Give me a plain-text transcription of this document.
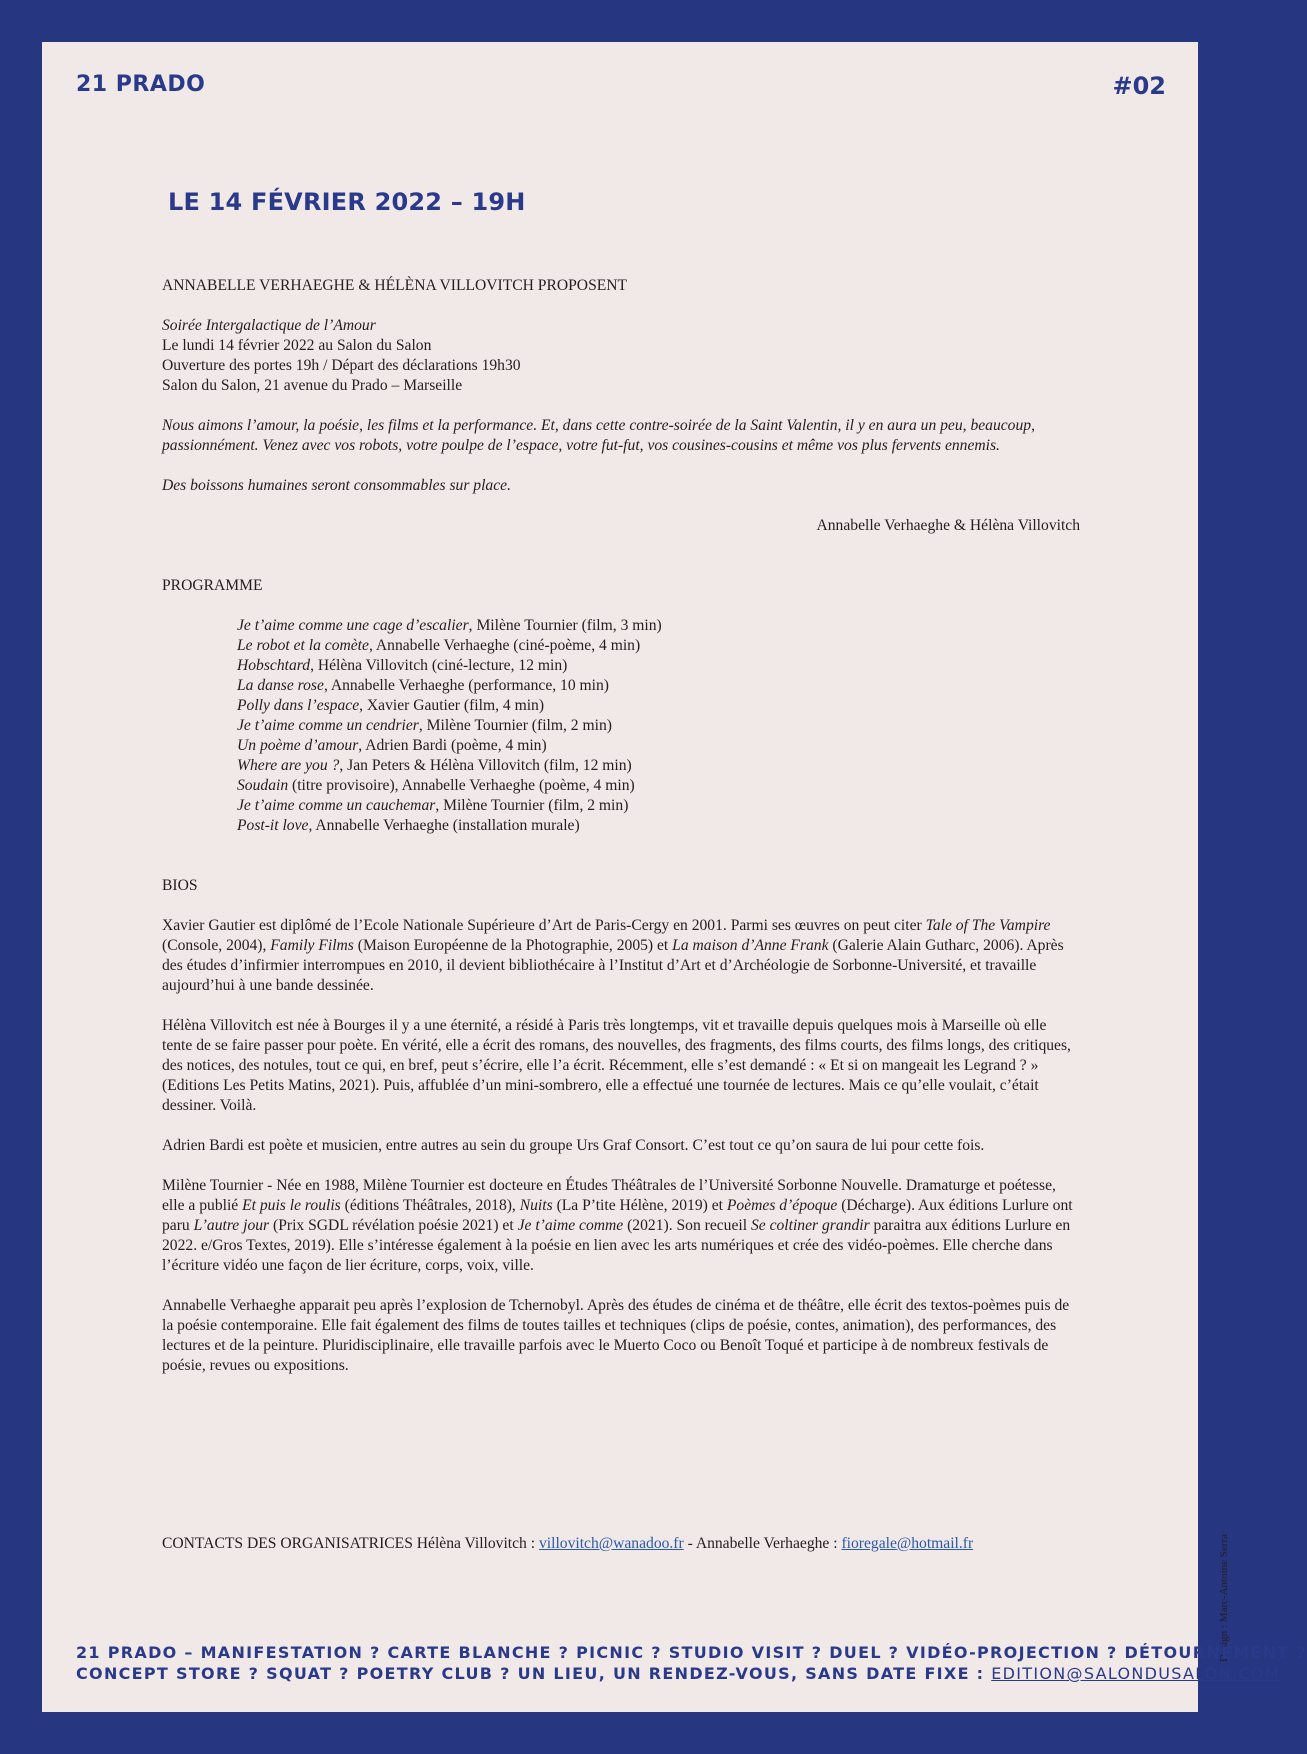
21 PRADO	#02
LE 14 FÉVRIER 2022 – 19H

ANNABELLE VERHAEGHE & HÉLÈNA VILLOVITCH PROPOSENT

Soirée Intergalactique de l’Amour

Le lundi 14 février 2022 au Salon du Salon

Ouverture des portes 19h / Départ des déclarations 19h30

Salon du Salon, 21 avenue du Prado – Marseille

Nous aimons l’amour, la poésie, les films et la performance. Et, dans cette contre-soirée de la Saint Valentin, il y en aura un peu, beaucoup, passionnément. Venez avec vos robots, votre poulpe de l’espace, votre fut-fut, vos cousines-cousins et même vos plus fervents ennemis.

Des boissons humaines seront consommables sur place.

Annabelle Verhaeghe & Hélèna Villovitch

PROGRAMME

Je t’aime comme une cage d’escalier, Milène Tournier (film, 3 min)

Le robot et la comète, Annabelle Verhaeghe (ciné-poème, 4 min)

Hobschtard, Hélèna Villovitch (ciné-lecture, 12 min)

La danse rose, Annabelle Verhaeghe (performance, 10 min)

Polly dans l’espace, Xavier Gautier (film, 4 min)

Je t’aime comme un cendrier, Milène Tournier (film, 2 min)

Un poème d’amour, Adrien Bardi (poème, 4 min)

Where are you ?, Jan Peters & Hélèna Villovitch (film, 12 min)

Soudain (titre provisoire), Annabelle Verhaeghe (poème, 4 min)

Je t’aime comme un cauchemar, Milène Tournier (film, 2 min)

Post-it love, Annabelle Verhaeghe (installation murale)

BIOS

Xavier Gautier est diplômé de l’Ecole Nationale Supérieure d’Art de Paris-Cergy en 2001. Parmi ses œuvres on peut citer Tale of The Vampire (Console, 2004), Family Films (Maison Européenne de la Photographie, 2005) et La maison d’Anne Frank (Galerie Alain Gutharc, 2006). Après des études d’infirmier interrompues en 2010, il devient bibliothécaire à l’Institut d’Art et d’Archéologie de Sorbonne-Université, et travaille aujourd’hui à une bande dessinée.

Hélèna Villovitch est née à Bourges il y a une éternité, a résidé à Paris très longtemps, vit et travaille depuis quelques mois à Marseille où elle tente de se faire passer pour poète. En vérité, elle a écrit des romans, des nouvelles, des fragments, des films courts, des films longs, des critiques, des notices, des notules, tout ce qui, en bref, peut s’écrire, elle l’a écrit. Récemment, elle s’est demandé : « Et si on mangeait les Legrand ? » (Editions Les Petits Matins, 2021). Puis, affublée d’un mini-sombrero, elle a effectué une tournée de lectures. Mais ce qu’elle voulait, c’était dessiner. Voilà.

Adrien Bardi est poète et musicien, entre autres au sein du groupe Urs Graf Consort. C’est tout ce qu’on saura de lui pour cette fois.

Milène Tournier - Née en 1988, Milène Tournier est docteure en Études Théâtrales de l’Université Sorbonne Nouvelle. Dramaturge et poétesse, elle a publié Et puis le roulis (éditions Théâtrales, 2018), Nuits (La P’tite Hélène, 2019) et Poèmes d’époque (Décharge). Aux éditions Lurlure ont paru L’autre jour (Prix SGDL révélation poésie 2021) et Je t’aime comme (2021). Son recueil Se coltiner grandir paraitra aux éditions Lurlure en 2022. e/Gros Textes, 2019). Elle s’intéresse également à la poésie en lien avec les arts numériques et crée des vidéo-poèmes. Elle cherche dans l’écriture vidéo une façon de lier écriture, corps, voix, ville.

Annabelle Verhaeghe apparait peu après l’explosion de Tchernobyl. Après des études de cinéma et de théâtre, elle écrit des textos-poèmes puis de la poésie contemporaine. Elle fait également des films de toutes tailles et techniques (clips de poésie, contes, animation), des performances, des lectures et de la peinture. Pluridisciplinaire, elle travaille parfois avec le Muerto Coco ou Benoît Toqué et participe à de nombreux festivals de poésie, revues ou expositions.

CONTACTS DES ORGANISATRICES Hélèna Villovitch : villovitch@wanadoo.fr - Annabelle Verhaeghe : fioregale@hotmail.fr	Design : Marc-Antoine Serra
21 PRADO – MANIFESTATION ? CARTE BLANCHE ? PICNIC ? STUDIO VISIT ? DUEL ? VIDÉO-PROJECTION ? DÉTOURNEMENT ?
CONCEPT STORE ? SQUAT ? POETRY CLUB ? UN LIEU, UN RENDEZ-VOUS, SANS DATE FIXE : EDITION@SALONDUSALON.COM
